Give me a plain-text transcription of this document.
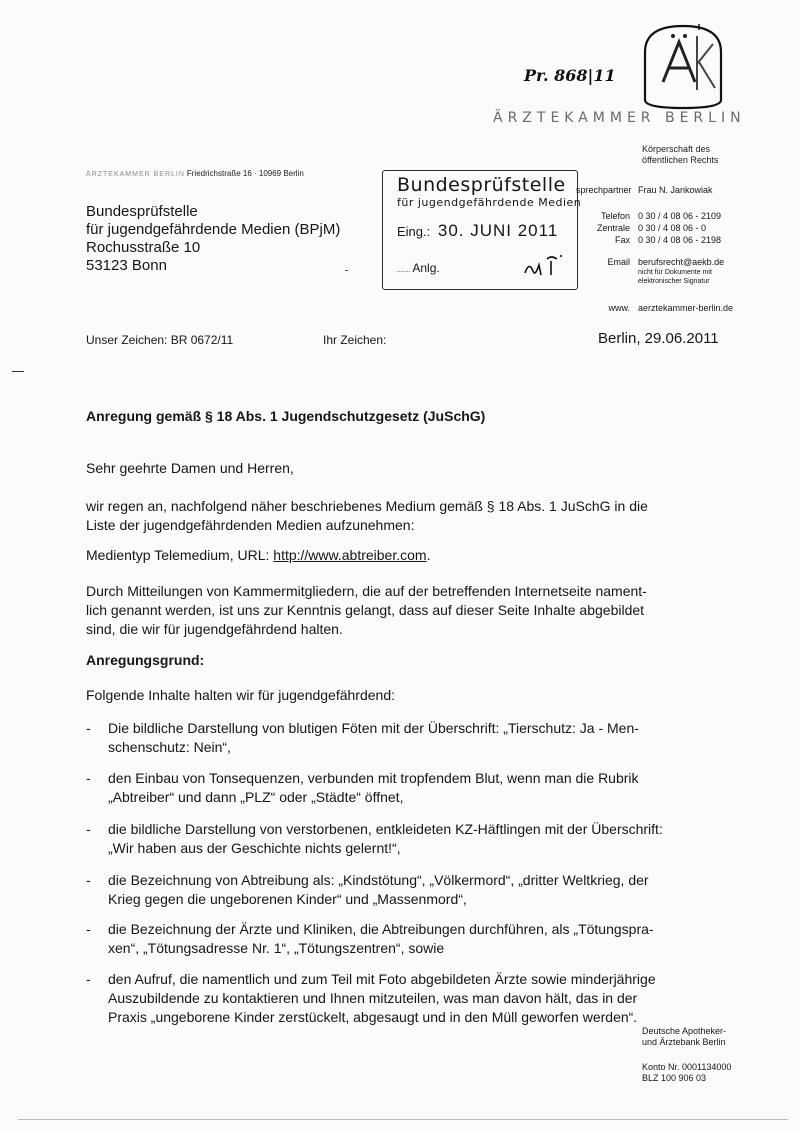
Pr. 868|11
ÄRZTEKAMMER BERLIN
Körperschaft des
öffentlichen Rechts
ÄRZTEKAMMER BERLIN Friedrichstraße 16 · 10969 Berlin
Bundesprüfstelle
für jugendgefährdende Medien (BPjM)
Rochusstraße 10
53123 Bonn
Bundesprüfstelle
für jugendgefährdende Medien
Eing.: 30. JUNI 2011
........ Anlg.
sprechpartner Frau N. Jankowiak
Telefon 0 30 / 4 08 06 - 2109
Zentrale 0 30 / 4 08 06 - 0
Fax 0 30 / 4 08 06 - 2198
Email berufsrecht@aekb.de
nicht für Dokumente mit
elektronischer Signatur
www. aerztekammer-berlin.de
Unser Zeichen: BR 0672/11	Ihr Zeichen:	Berlin, 29.06.2011
Anregung gemäß § 18 Abs. 1 Jugendschutzgesetz (JuSchG)
Sehr geehrte Damen und Herren,

wir regen an, nachfolgend näher beschriebenes Medium gemäß § 18 Abs. 1 JuSchG in die

Liste der jugendgefährdenden Medien aufzunehmen:

Medientyp Telemedium, URL: http://www.abtreiber.com.

Durch Mitteilungen von Kammermitgliedern, die auf der betreffenden Internetseite nament-

lich genannt werden, ist uns zur Kenntnis gelangt, dass auf dieser Seite Inhalte abgebildet

sind, die wir für jugendgefährdend halten.

Anregungsgrund:
Folgende Inhalte halten wir für jugendgefährdend:
- Die bildliche Darstellung von blutigen Föten mit der Überschrift: „Tierschutz: Ja - Men-
schenschutz: Nein“,
- den Einbau von Tonsequenzen, verbunden mit tropfendem Blut, wenn man die Rubrik
„Abtreiber“ und dann „PLZ“ oder „Städte“ öffnet,
- die bildliche Darstellung von verstorbenen, entkleideten KZ-Häftlingen mit der Überschrift:
„Wir haben aus der Geschichte nichts gelernt!“,
- die Bezeichnung von Abtreibung als: „Kindstötung“, „Völkermord“, „dritter Weltkrieg, der
Krieg gegen die ungeborenen Kinder“ und „Massenmord“,
- die Bezeichnung der Ärzte und Kliniken, die Abtreibungen durchführen, als „Tötungspra-
xen“, „Tötungsadresse Nr. 1“, „Tötungszentren“, sowie
- den Aufruf, die namentlich und zum Teil mit Foto abgebildeten Ärzte sowie minderjährige
Auszubildende zu kontaktieren und Ihnen mitzuteilen, was man davon hält, das in der
Praxis „ungeborene Kinder zerstückelt, abgesaugt und in den Müll geworfen werden“.
Deutsche Apotheker-
und Ärztebank Berlin
Konto Nr. 0001134000
BLZ 100 906 03
